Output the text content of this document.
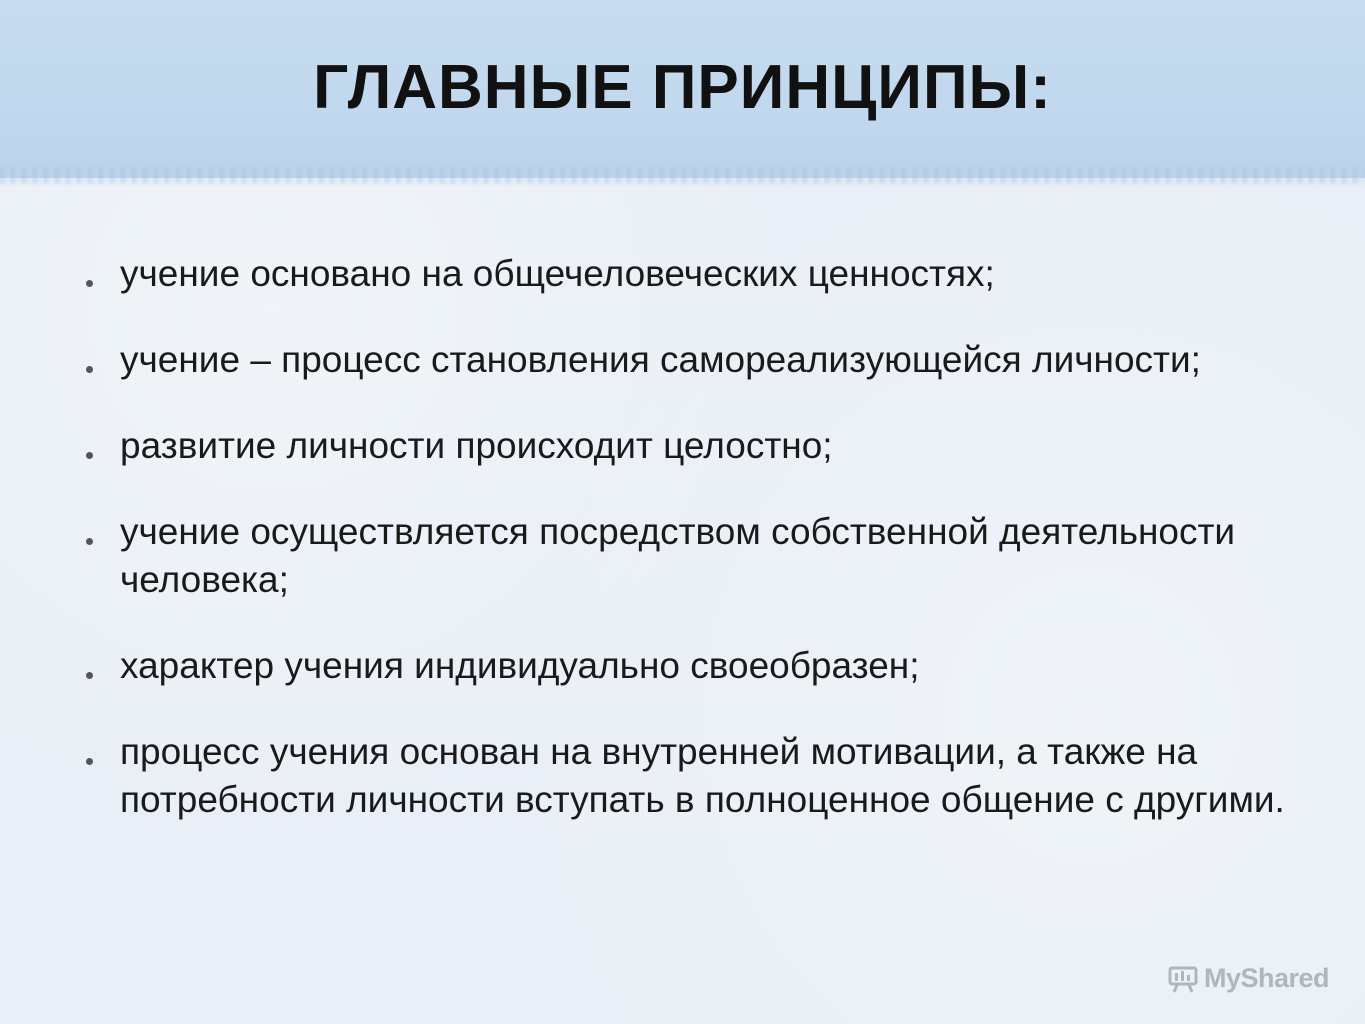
ГЛАВНЫЕ ПРИНЦИПЫ:
учение основано на общечеловеческих ценностях;
учение – процесс становления самореализующейся личности;
развитие личности происходит целостно;
учение осуществляется посредством собственной деятельности человека;
характер учения индивидуально своеобразен;
процесс учения основан на внутренней мотивации, а также на потребности личности вступать в полноценное общение с другими.
MyShared
